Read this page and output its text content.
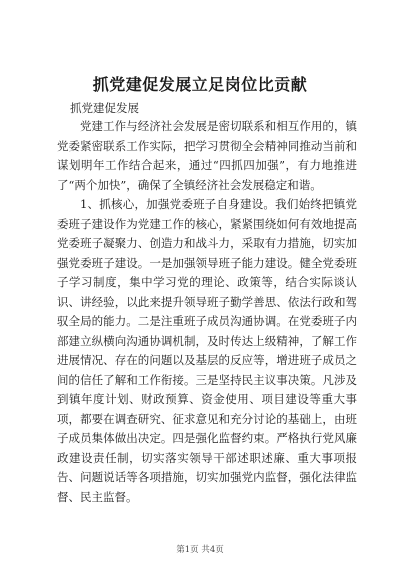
抓党建促发展立足岗位比贡献
抓党建促发展

党建工作与经济社会发展是密切联系和相互作用的，镇党委紧密联系工作实际，把学习贯彻全会精神同推动当前和谋划明年工作结合起来，通过“四抓四加强”，有力地推进了“两个加快”，确保了全镇经济社会发展稳定和谐。

1、抓核心，加强党委班子自身建设。我们始终把镇党委班子建设作为党建工作的核心，紧紧围绕如何有效地提高党委班子凝聚力、创造力和战斗力，采取有力措施，切实加强党委班子建设。一是加强领导班子能力建设。健全党委班子学习制度，集中学习党的理论、政策等，结合实际谈认识、讲经验，以此来提升领导班子勤学善思、依法行政和驾驭全局的能力。二是注重班子成员沟通协调。在党委班子内部建立纵横向沟通协调机制，及时传达上级精神，了解工作进展情况、存在的问题以及基层的反应等，增进班子成员之间的信任了解和工作衔接。三是坚持民主议事决策。凡涉及到镇年度计划、财政预算、资金使用、项目建设等重大事项，都要在调查研究、征求意见和充分讨论的基础上，由班子成员集体做出决定。四是强化监督约束。严格执行党风廉政建设责任制，切实落实领导干部述职述廉、重大事项报告、问题说话等各项措施，切实加强党内监督，强化法律监督、民主监督。

第1页 共4页
